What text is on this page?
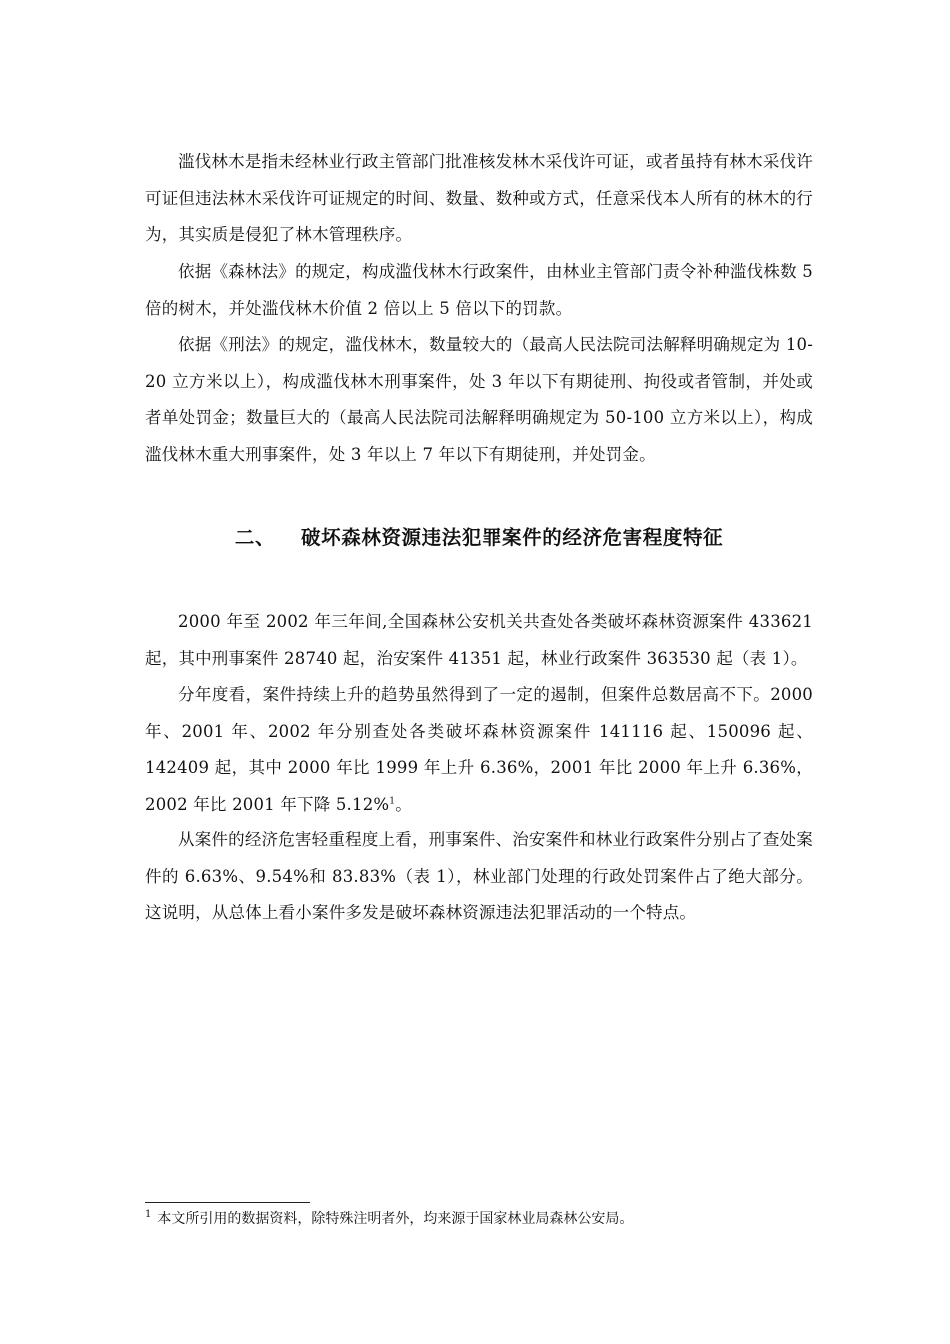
滥伐林木是指未经林业行政主管部门批准核发林木采伐许可证，或者虽持有林木采伐许可证但违法林木采伐许可证规定的时间、数量、数种或方式，任意采伐本人所有的林木的行为，其实质是侵犯了林木管理秩序。

依据《森林法》的规定，构成滥伐林木行政案件，由林业主管部门责令补种滥伐株数 5 倍的树木，并处滥伐林木价值 2 倍以上 5 倍以下的罚款。

依据《刑法》的规定，滥伐林木，数量较大的（最高人民法院司法解释明确规定为 10-20 立方米以上），构成滥伐林木刑事案件，处 3 年以下有期徒刑、拘役或者管制，并处或者单处罚金；数量巨大的（最高人民法院司法解释明确规定为 50-100 立方米以上），构成滥伐林木重大刑事案件，处 3 年以上 7 年以下有期徒刑，并处罚金。

二、 破坏森林资源违法犯罪案件的经济危害程度特征

2000 年至 2002 年三年间,全国森林公安机关共查处各类破坏森林资源案件 433621 起，其中刑事案件 28740 起，治安案件 41351 起，林业行政案件 363530 起（表 1）。

分年度看，案件持续上升的趋势虽然得到了一定的遏制，但案件总数居高不下。2000 年、2001 年、2002 年分别查处各类破坏森林资源案件 141116 起、150096 起、142409 起，其中 2000 年比 1999 年上升 6.36%，2001 年比 2000 年上升 6.36%，2002 年比 2001 年下降 5.12%$^1$。

从案件的经济危害轻重程度上看，刑事案件、治安案件和林业行政案件分别占了查处案件的 6.63%、9.54%和 83.83%（表 1），林业部门处理的行政处罚案件占了绝大部分。这说明，从总体上看小案件多发是破坏森林资源违法犯罪活动的一个特点。

$^1$ 本文所引用的数据资料，除特殊注明者外，均来源于国家林业局森林公安局。
